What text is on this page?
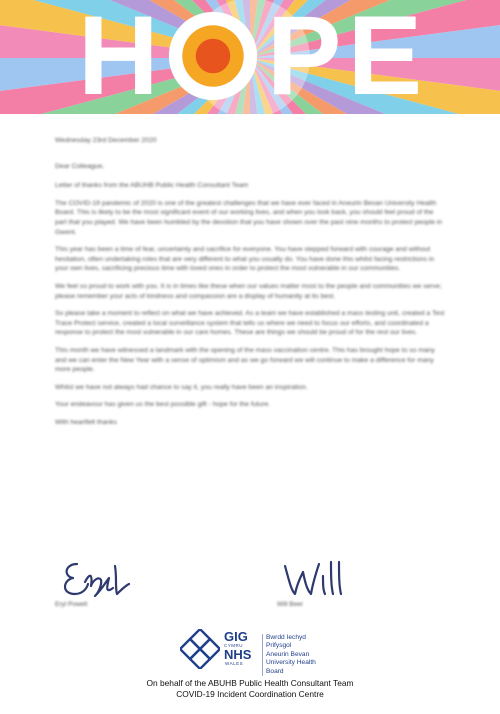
H P E

Wednesday 23rd December 2020

Dear Colleague,

Letter of thanks from the ABUHB Public Health Consultant Team

The COVID-19 pandemic of 2020 is one of the greatest challenges that we have ever faced in Aneurin Bevan University Health Board. This is likely to be the most significant event of our working lives, and when you look back, you should feel proud of the part that you played. We have been humbled by the devotion that you have shown over the past nine months to protect people in Gwent.

This year has been a time of fear, uncertainty and sacrifice for everyone. You have stepped forward with courage and without hesitation, often undertaking roles that are very different to what you usually do. You have done this whilst facing restrictions in your own lives, sacrificing precious time with loved ones in order to protect the most vulnerable in our communities.

We feel so proud to work with you. It is in times like these when our values matter most to the people and communities we serve; please remember your acts of kindness and compassion are a display of humanity at its best.

So please take a moment to reflect on what we have achieved. As a team we have established a mass testing unit, created a Test Trace Protect service, created a local surveillance system that tells us where we need to focus our efforts, and coordinated a response to protect the most vulnerable in our care homes. These are things we should be proud of for the rest our lives.

This month we have witnessed a landmark with the opening of the mass vaccination centre. This has brought hope to so many and we can enter the New Year with a sense of optimism and as we go forward we will continue to make a difference for many more people.

Whilst we have not always had chance to say it, you really have been an inspiration.

Your endeavour has given us the best possible gift - hope for the future.

With heartfelt thanks

Eryl Powell	Will Beer
GIG
CYMRU
NHS
WALES
Bwrdd Iechyd Prifysgol
Aneurin Bevan
University Health Board
On behalf of the ABUHB Public Health Consultant Team
COVID-19 Incident Coordination Centre
